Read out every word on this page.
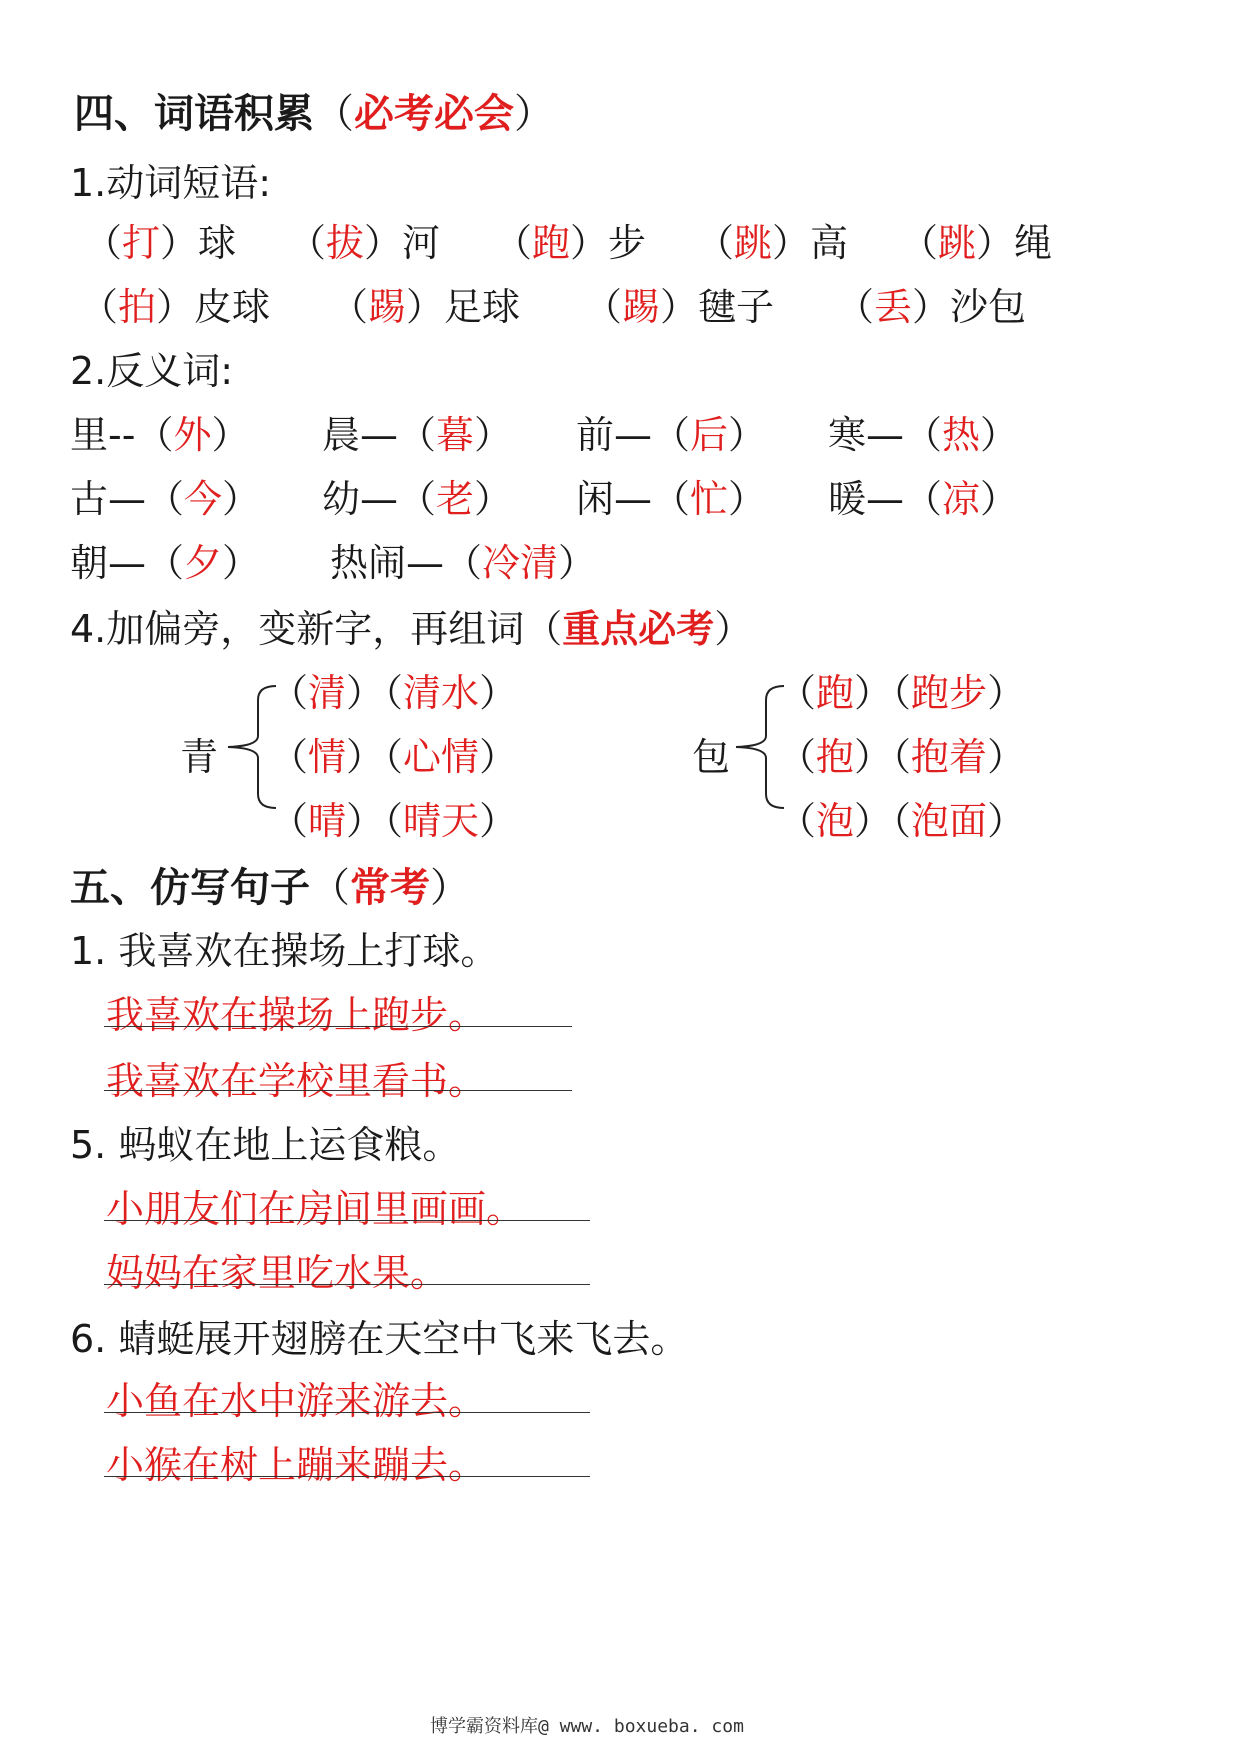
四、词语积累（必考必会）
1.动词短语:
（打）球 （拔）河 （跑）步 （跳）高 （跳）绳
（拍）皮球 （踢）足球 （踢）毽子 （丢）沙包
2.反义词:
里--（外） 晨—（暮） 前—（后） 寒—（热）
古—（今） 幼—（老） 闲—（忙） 暖—（凉）
朝—（夕） 热闹—（冷清）
4.加偏旁，变新字，再组词（重点必考）
青
（清）（清水）
（情）（心情）
（晴）（晴天）
包
（跑）（跑步）
（抱）（抱着）
（泡）（泡面）
五、仿写句子（常考）
1. 我喜欢在操场上打球。
我喜欢在操场上跑步。
我喜欢在学校里看书。
5. 蚂蚁在地上运食粮。
小朋友们在房间里画画。
妈妈在家里吃水果。
6. 蜻蜓展开翅膀在天空中飞来飞去。
小鱼在水中游来游去。
小猴在树上蹦来蹦去。
博学霸资料库@ www. boxueba. com
